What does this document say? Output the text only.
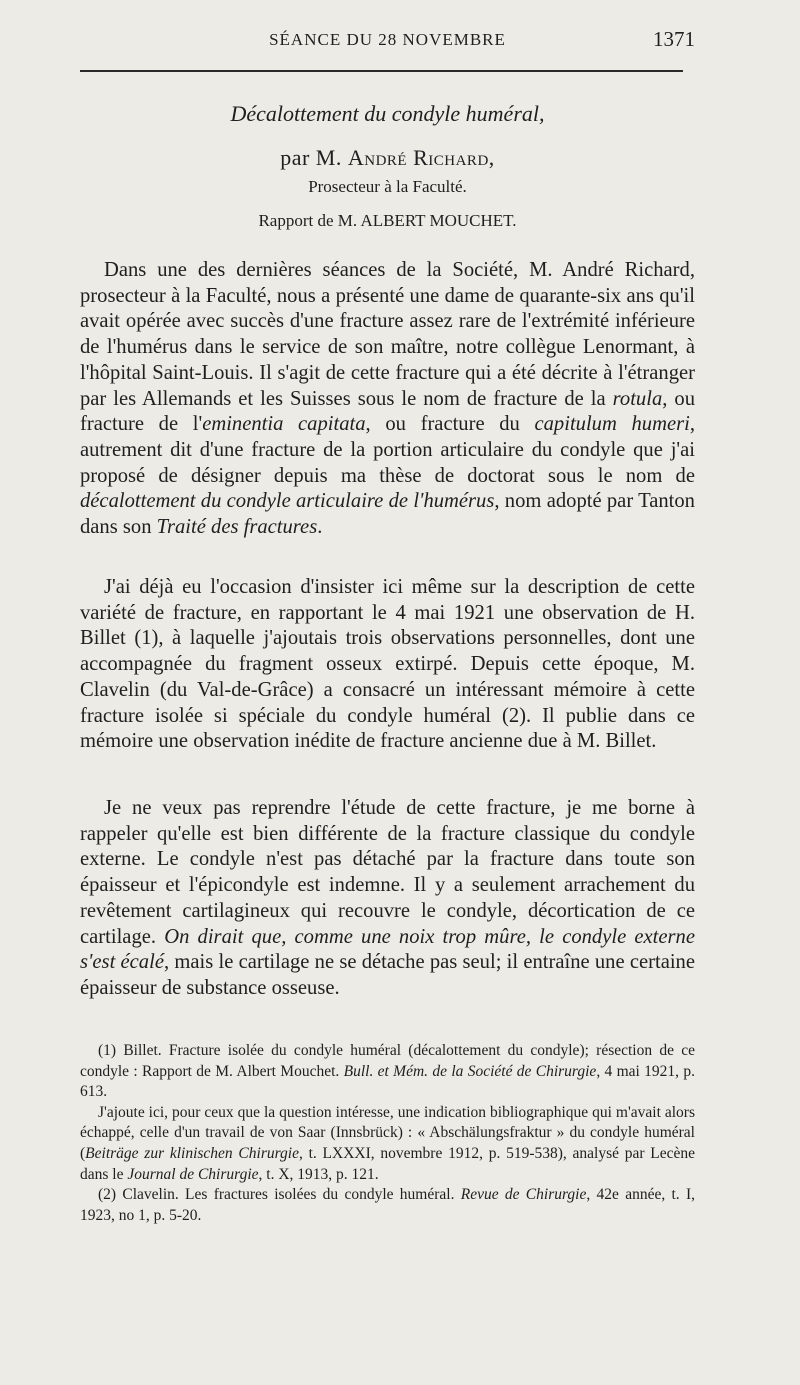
SÉANCE DU 28 NOVEMBRE	1371
Décalottement du condyle huméral,
par M. André Richard,
Prosecteur à la Faculté.
Rapport de M. ALBERT MOUCHET.

Dans une des dernières séances de la Société, M. André Richard, prosecteur à la Faculté, nous a présenté une dame de quarante-six ans qu'il avait opérée avec succès d'une fracture assez rare de l'extrémité inférieure de l'humérus dans le service de son maître, notre collègue Lenormant, à l'hôpital Saint-Louis. Il s'agit de cette fracture qui a été décrite à l'étranger par les Allemands et les Suisses sous le nom de fracture de la rotula, ou fracture de l'eminentia capitata, ou fracture du capitulum humeri, autrement dit d'une fracture de la portion articulaire du condyle que j'ai proposé de désigner depuis ma thèse de doctorat sous le nom de décalottement du condyle articulaire de l'humérus, nom adopté par Tanton dans son Traité des fractures.

J'ai déjà eu l'occasion d'insister ici même sur la description de cette variété de fracture, en rapportant le 4 mai 1921 une observation de H. Billet (1), à laquelle j'ajoutais trois observations personnelles, dont une accompagnée du fragment osseux extirpé. Depuis cette époque, M. Clavelin (du Val-de-Grâce) a consacré un intéressant mémoire à cette fracture isolée si spéciale du condyle huméral (2). Il publie dans ce mémoire une observation inédite de fracture ancienne due à M. Billet.

Je ne veux pas reprendre l'étude de cette fracture, je me borne à rappeler qu'elle est bien différente de la fracture classique du condyle externe. Le condyle n'est pas détaché par la fracture dans toute son épaisseur et l'épicondyle est indemne. Il y a seulement arrachement du revêtement cartilagineux qui recouvre le condyle, décortication de ce cartilage. On dirait que, comme une noix trop mûre, le condyle externe s'est écalé, mais le cartilage ne se détache pas seul; il entraîne une certaine épaisseur de substance osseuse.

(1) Billet. Fracture isolée du condyle huméral (décalottement du condyle); résection de ce condyle : Rapport de M. Albert Mouchet. Bull. et Mém. de la Société de Chirurgie, 4 mai 1921, p. 613.

J'ajoute ici, pour ceux que la question intéresse, une indication bibliographique qui m'avait alors échappé, celle d'un travail de von Saar (Innsbrück) : « Abschälungsfraktur » du condyle huméral (Beiträge zur klinischen Chirurgie, t. LXXXI, novembre 1912, p. 519-538), analysé par Lecène dans le Journal de Chirurgie, t. X, 1913, p. 121.

(2) Clavelin. Les fractures isolées du condyle huméral. Revue de Chirurgie, 42e année, t. I, 1923, no 1, p. 5-20.
